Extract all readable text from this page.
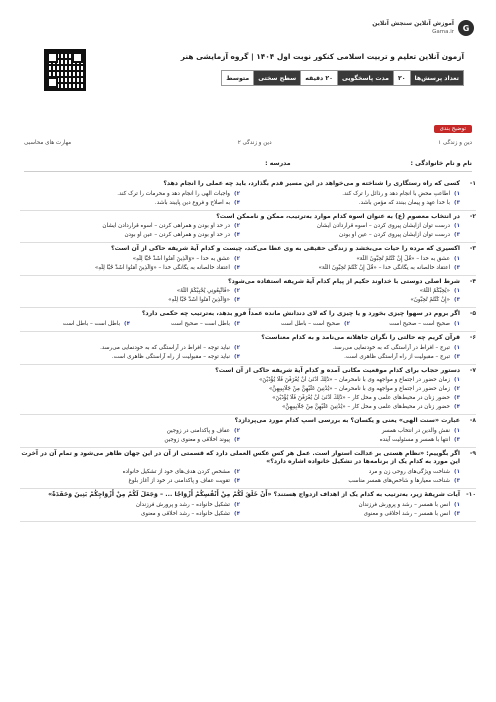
G
آموزش آنلاین سنجش آنلاین
Gama.ir
آزمون آنلاین تعلیم و تربیت اسلامی کنکور نوبت اول ۱۴۰۴ | گروه آزمایشی هنر
تعداد پرسش‌ها
۲۰
مدت پاسخگویی
۲۰ دقیقه
سطح سختی
متوسط
توضیح بندی
دین و زندگی ۱
دین و زندگی ۲
مهارت های محاسبی
نام و نام خانوادگی :
مدرسه :
۱-
کسی که راه رستگاری را شناخته و می‌خواهد در این مسیر قدم بگذارد، باید چه عملی را انجام دهد؟
۱)
اطاعتِ محضِ با انجام دهد و رذائل را ترک کند.
۲)
واجبات الهی را انجام دهد و محرمات را ترک کند.
۳)
با خدا عهد و پیمان ببندد که مؤمن باشد.
۴)
به اصلاح و فروع دین پایبند باشد.
۲-
در انتخاب معصوم (ع) به عنوان اسوه کدام موارد به‌ترتیب، ممکن و ناممکن است؟
۱)
درست توان ازایشان پیروی کردن – اسوه قراردادن ایشان
۲)
در حد او بودن و همراهی کردن – اسوه قراردادن ایشان
۳)
درست توان ازایشان پیروی کردن – عین او بودن
۴)
در حد او بودن و همراهی کردن – عین او بودن
۳-
اکسیری که مرده را حیات می‌بخشد و زندگی حقیقی به وی عطا می‌کند، چیست و کدام آیهٔ شریفه حاکی از آن است؟
۱)
عشق به خدا – «قُلْ إِنْ كُنْتُمْ تُحِبُّونَ اللَّهَ»
۲)
عشق به خدا – «وَالَّذِينَ آمَنُوا أَشَدُّ حُبًّا لِلَّهِ»
۳)
اعتقاد خالصانه به یگانگی خدا – «قُلْ إِنْ كُنْتُمْ تُحِبُّونَ اللَّهَ»
۴)
اعتقاد خالصانه به یگانگی خدا – «وَالَّذِينَ آمَنُوا أَشَدُّ حُبًّا لِلَّهِ»
۴-
شرط اصلی دوستی با خداوند حکیم از پیام کدام آیهٔ شریفه استفاده می‌شود؟
۱)
«يُحِبُّكُمُ اللَّهُ»
۲)
«فَاتَّبِعُونِي يُحْبِبْكُمُ اللَّهُ»
۳)
«إِنْ كُنْتُمْ تُحِبُّونَ»
۴)
«وَالَّذِينَ آمَنُوا أَشَدُّ حُبًّا لِلَّهِ»
۵-
اگر بروم در سهوا چیزی بخورد و یا چیزی را که لای دندانش مانده عمداً فرو بدهد، به‌ترتیب چه حکمی دارد؟
۱)
صحیح است – صحیح است
۲)
صحیح است – باطل است
۳)
باطل است – صحیح است
۴)
باطل است – باطل است
۶-
قرآن کریم چه حالتی را نگران جاهلانه می‌نامد و به کدام معناست؟
۱)
تبرج – افراط در آراستگی که به خودنمایی می‌رسد.
۲)
نباید توجه – افراط در آراستگی که به خودنمایی می‌رسد.
۳)
تبرج – مقبولیت از راه آراستگی ظاهری است.
۴)
نباید توجه – مقبولیت از راه آراستگی ظاهری است.
۷-
دستور حجاب برای کدام موقعیت مکانی آمده و کدام آیهٔ شریفه حاکی از آن است؟
۱)
زمان حضور در اجتماع و مواجهه وی با نامحرمان – «ذَٰلِكَ أَدْنَىٰ أَنْ يُعْرَفْنَ فَلَا يُؤْذَيْنَ»
۲)
زمان حضور در اجتماع و مواجهه وی با نامحرمان – «يُدْنِينَ عَلَيْهِنَّ مِنْ جَلَابِيبِهِنَّ»
۳)
حضور زنان در محیط‌های علمی و محل کار – «ذَٰلِكَ أَدْنَىٰ أَنْ يُعْرَفْنَ فَلَا يُؤْذَيْنَ»
۴)
حضور زنان در محیط‌های علمی و محل کار – «يُدْنِينَ عَلَيْهِنَّ مِنْ جَلَابِيبِهِنَّ»
۸-
عبارت «سنت الهی» یعنی و یکسان؟ به بررسی اسپ کدام مورد می‌پردازد؟
۱)
نقش والدین در انتخاب همسر
۲)
عفاف و پاکدامنی در زوجین
۳)
انتها با همسر و مسئولیت آینده
۴)
پیوند اخلاقی و معنوی زوجین
۹-
اگر بگوییم: «نظام هستی بر عدالت استوار است. عمل هر کس عکس العملی دارد که قسمتی از آن در این جهان ظاهر می‌شود و تمام آن در آخرت این مورد به کدام یک از برنامه‌ها در تشکیل خانواده اشاره دارد؟»
۱)
شناخت ویژگی‌های روحی زن و مرد
۲)
مشخص کردن هدف‌های خود از تشکیل خانواده
۳)
شناخت معیارها و شاخص‌های همسر مناسب
۴)
تقویت عفاف و پاکدامنی در خود از آغاز بلوغ
۱۰-
آیات شریفهٔ زیر، به‌ترتیب به کدام یک از اهداف ازدواج هستند؟ «أَنْ خَلَقَ لَكُمْ مِنْ أَنْفُسِكُمْ أَزْوَاجًا ... – وَجَعَلَ لَكُمْ مِنْ أَزْوَاجِكُمْ بَنِينَ وَحَفَدَةً»
۱)
انس با همسر – رشد و پرورش فرزندان
۲)
تشکیل خانواده – رشد و پرورش فرزندان
۳)
انس با همسر – رشد اخلاقی و معنوی
۴)
تشکیل خانواده – رشد اخلاقی و معنوی
